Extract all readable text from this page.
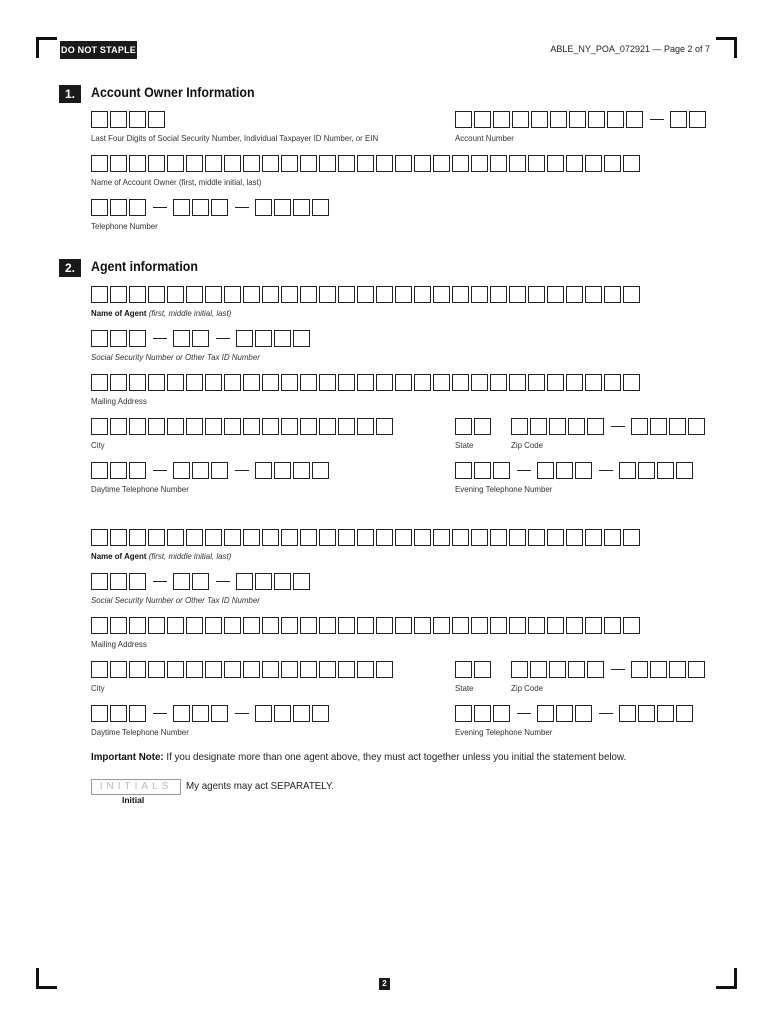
DO NOT STAPLE	ABLE_NY_POA_072921 — Page 2 of 7
1.	Account Owner Information
Last Four Digits of Social Security Number, Individual Taxpayer ID Number, or EIN	Account Number
Name of Account Owner (first, middle initial, last)
Telephone Number
2.	Agent information
Name of Agent (first, middle initial, last)
Social Security Number or Other Tax ID Number
Mailing Address
City	State	Zip Code
Daytime Telephone Number	Evening Telephone Number
Name of Agent (first, middle initial, last)
Social Security Number or Other Tax ID Number
Mailing Address
City	State	Zip Code
Daytime Telephone Number	Evening Telephone Number
Important Note: If you designate more than one agent above, they must act together unless you initial the statement below.
INITIALS
Initial
My agents may act SEPARATELY.
2
